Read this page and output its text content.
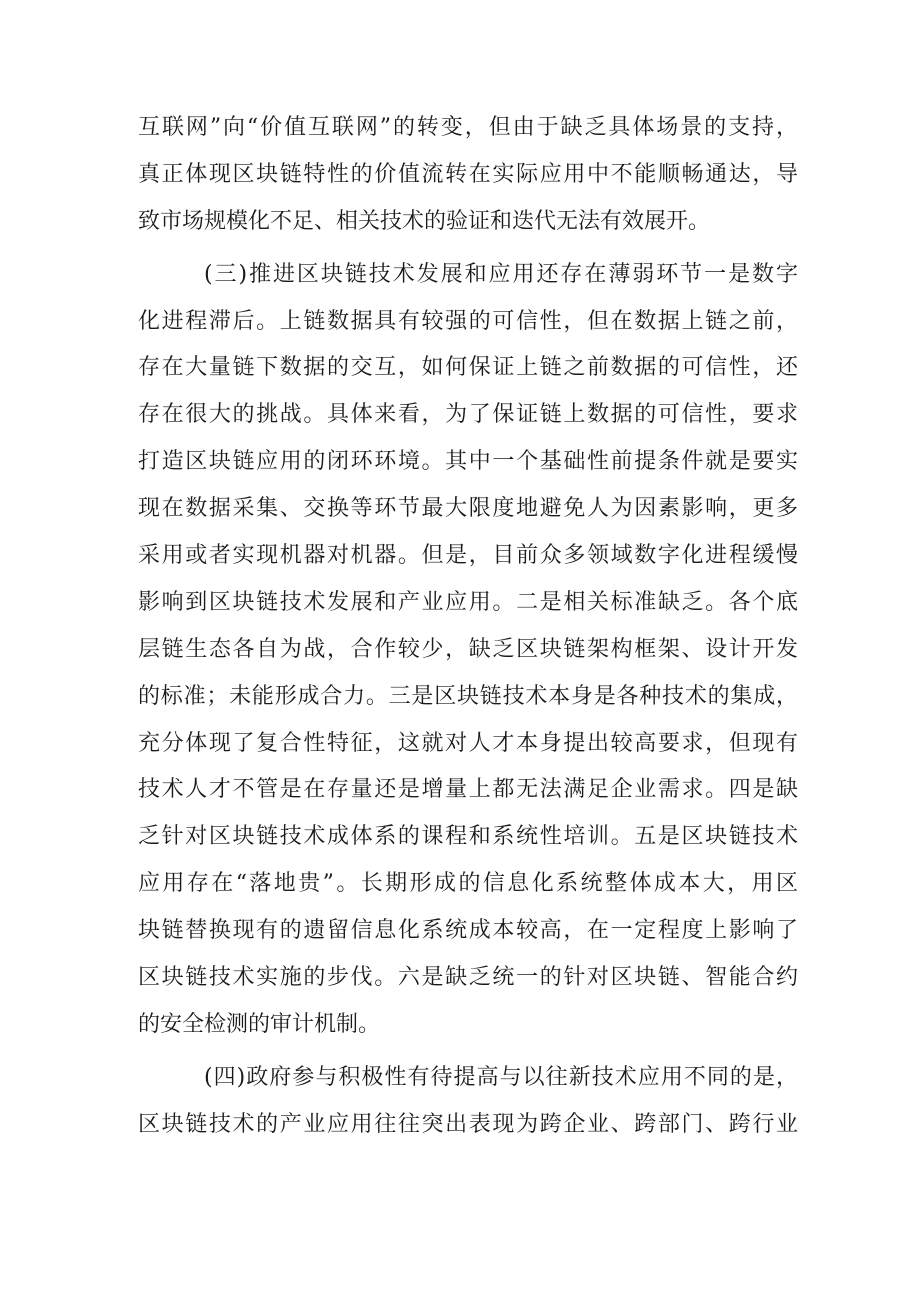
互联网”向“价值互联网”的转变，但由于缺乏具体场景的支持，
真正体现区块链特性的价值流转在实际应用中不能顺畅通达，导
致市场规模化不足、相关技术的验证和迭代无法有效展开。
(三)推进区块链技术发展和应用还存在薄弱环节一是数字
化进程滞后。上链数据具有较强的可信性，但在数据上链之前，
存在大量链下数据的交互，如何保证上链之前数据的可信性，还
存在很大的挑战。具体来看，为了保证链上数据的可信性，要求
打造区块链应用的闭环环境。其中一个基础性前提条件就是要实
现在数据采集、交换等环节最大限度地避免人为因素影响，更多
采用或者实现机器对机器。但是，目前众多领域数字化进程缓慢
影响到区块链技术发展和产业应用。二是相关标准缺乏。各个底
层链生态各自为战，合作较少，缺乏区块链架构框架、设计开发
的标准；未能形成合力。三是区块链技术本身是各种技术的集成，
充分体现了复合性特征，这就对人才本身提出较高要求，但现有
技术人才不管是在存量还是增量上都无法满足企业需求。四是缺
乏针对区块链技术成体系的课程和系统性培训。五是区块链技术
应用存在“落地贵”。长期形成的信息化系统整体成本大，用区
块链替换现有的遗留信息化系统成本较高，在一定程度上影响了
区块链技术实施的步伐。六是缺乏统一的针对区块链、智能合约
的安全检测的审计机制。
(四)政府参与积极性有待提高与以往新技术应用不同的是，
区块链技术的产业应用往往突出表现为跨企业、跨部门、跨行业
